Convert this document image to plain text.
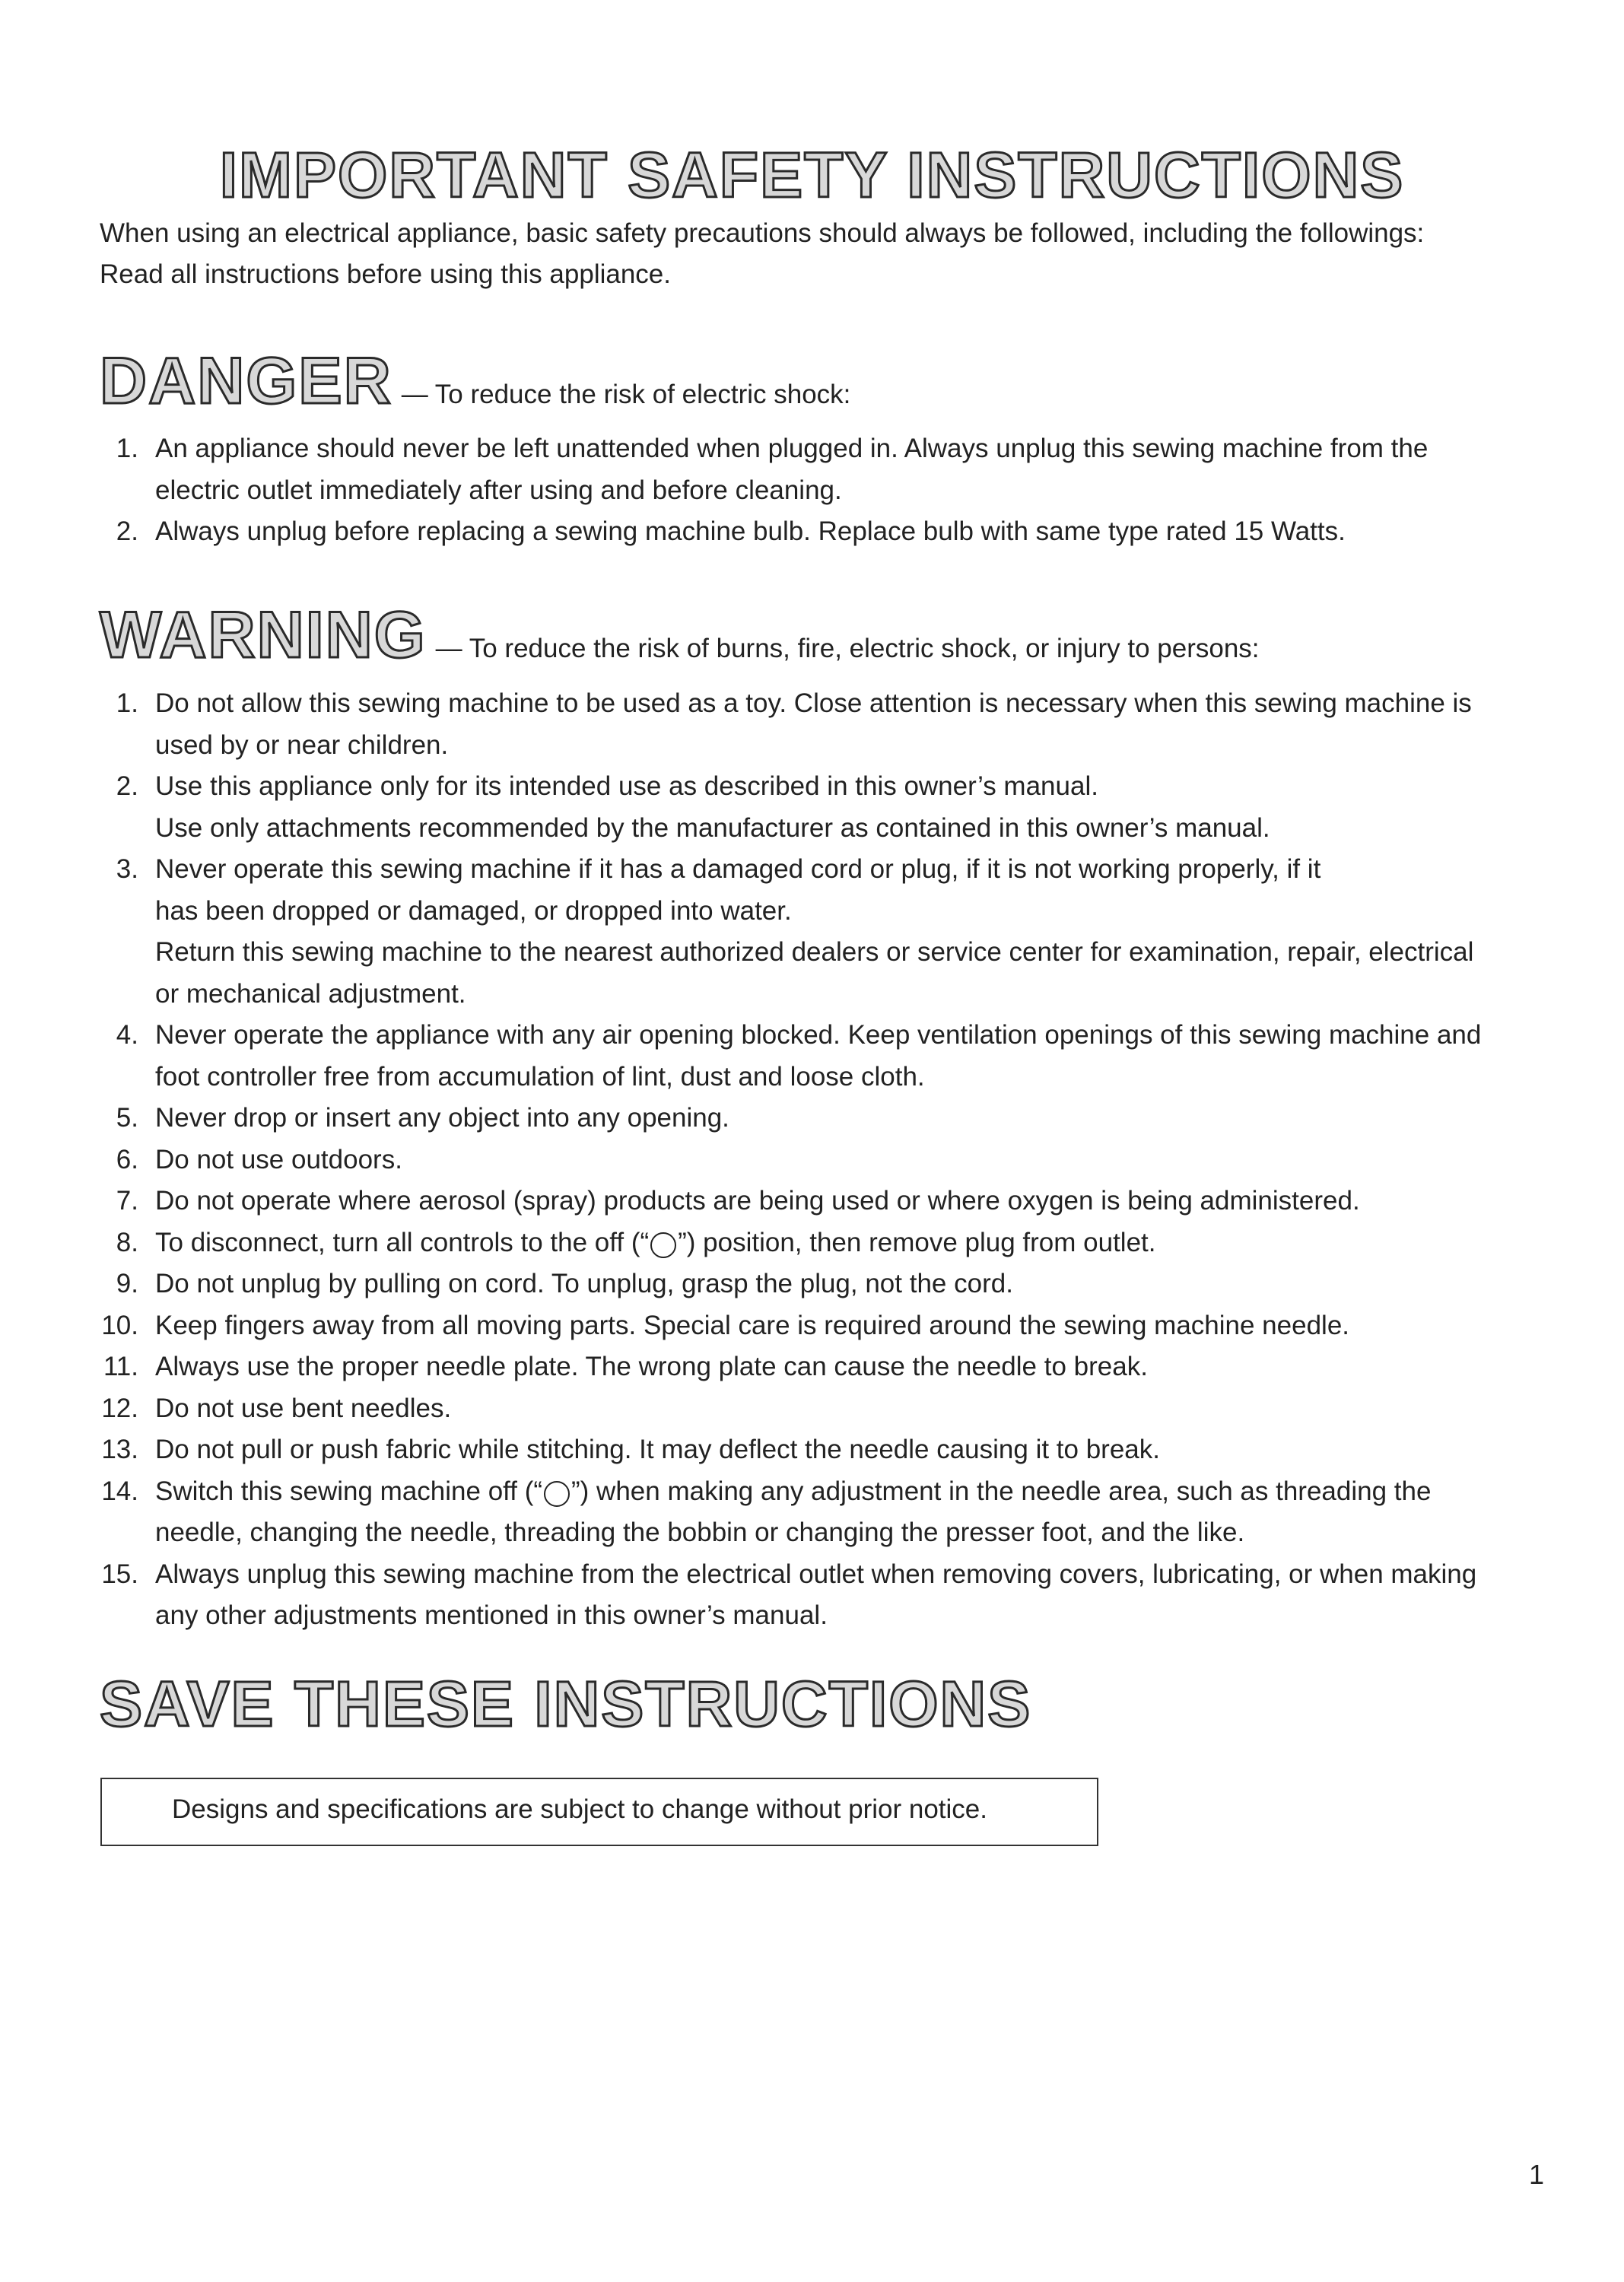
IMPORTANT SAFETY INSTRUCTIONS
When using an electrical appliance, basic safety precautions should always be followed, including the followings:
Read all instructions before using this appliance.
DANGER — To reduce the risk of electric shock:
1. An appliance should never be left unattended when plugged in. Always unplug this sewing machine from the
electric outlet immediately after using and before cleaning.
2. Always unplug before replacing a sewing machine bulb. Replace bulb with same type rated 15 Watts.
WARNING — To reduce the risk of burns, fire, electric shock, or injury to persons:
1. Do not allow this sewing machine to be used as a toy. Close attention is necessary when this sewing machine is
used by or near children.
2. Use this appliance only for its intended use as described in this owner’s manual.
Use only attachments recommended by the manufacturer as contained in this owner’s manual.
3. Never operate this sewing machine if it has a damaged cord or plug, if it is not working properly, if it
has been dropped or damaged, or dropped into water.
Return this sewing machine to the nearest authorized dealers or service center for examination, repair, electrical
or mechanical adjustment.
4. Never operate the appliance with any air opening blocked. Keep ventilation openings of this sewing machine and
foot controller free from accumulation of lint, dust and loose cloth.
5. Never drop or insert any object into any opening.
6. Do not use outdoors.
7. Do not operate where aerosol (spray) products are being used or where oxygen is being administered.
8. To disconnect, turn all controls to the off (“ ”) position, then remove plug from outlet.
9. Do not unplug by pulling on cord. To unplug, grasp the plug, not the cord.
10. Keep fingers away from all moving parts. Special care is required around the sewing machine needle.
11. Always use the proper needle plate. The wrong plate can cause the needle to break.
12. Do not use bent needles.
13. Do not pull or push fabric while stitching. It may deflect the needle causing it to break.
14. Switch this sewing machine off (“ ”) when making any adjustment in the needle area, such as threading the
needle, changing the needle, threading the bobbin or changing the presser foot, and the like.
15. Always unplug this sewing machine from the electrical outlet when removing covers, lubricating, or when making
any other adjustments mentioned in this owner’s manual.
SAVE THESE INSTRUCTIONS
Designs and specifications are subject to change without prior notice.
1
